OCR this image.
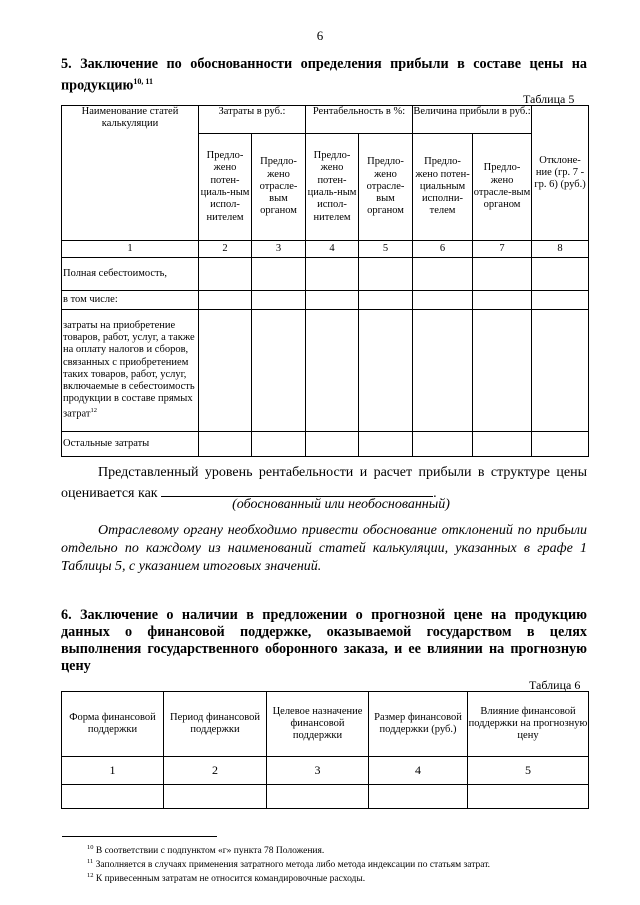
6
5. Заключение по обоснованности определения прибыли в составе цены на продукцию$^{10, 11}$
Таблица 5
Наименование статей калькуляции	Затраты в руб.:		Рентабельность в %:		Величина прибыли в руб.:		Отклоне-ние (гр. 7 - гр. 6) (руб.)
	Предло-жено потен-циаль-ным испол-нителем	Предло-жено отрасле-вым органом	Предло-жено потен-циаль-ным испол-нителем	Предло-жено отрасле-вым органом	Предло-жено потен-циальным исполни-телем	Предло-жено отрасле-вым органом	
1	2	3	4	5	6	7	8
Полная себестоимость,							
в том числе:							
затраты на приобретение товаров, работ, услуг, а также на оплату налогов и сборов, связанных с приобретением таких товаров, работ, услуг, включаемые в себестоимость продукции в составе прямых затрат$^{12}$							
Остальные затраты							
Представленный уровень рентабельности и расчет прибыли в структуре цены оценивается как	.
(обоснованный или необоснованный)
Отраслевому органу необходимо привести обоснование отклонений по прибыли отдельно по каждому из наименований статей калькуляции, указанных в графе 1 Таблицы 5, с указанием итоговых значений.
6. Заключение о наличии в предложении о прогнозной цене на продукцию данных о финансовой поддержке, оказываемой государством в целях выполнения государственного оборонного заказа, и ее влиянии на прогнозную цену
Таблица 6
Форма финансовой поддержки	Период финансовой поддержки	Целевое назначение финансовой поддержки	Размер финансовой поддержки (руб.)	Влияние финансовой поддержки на прогнозную цену
1	2	3	4	5

$^{10}$ В соответствии с подпунктом «г» пункта 78 Положения.
$^{11}$ Заполняется в случаях применения затратного метода либо метода индексации по статьям затрат.
$^{12}$ К привесенным затратам не относится командировочные расходы.
